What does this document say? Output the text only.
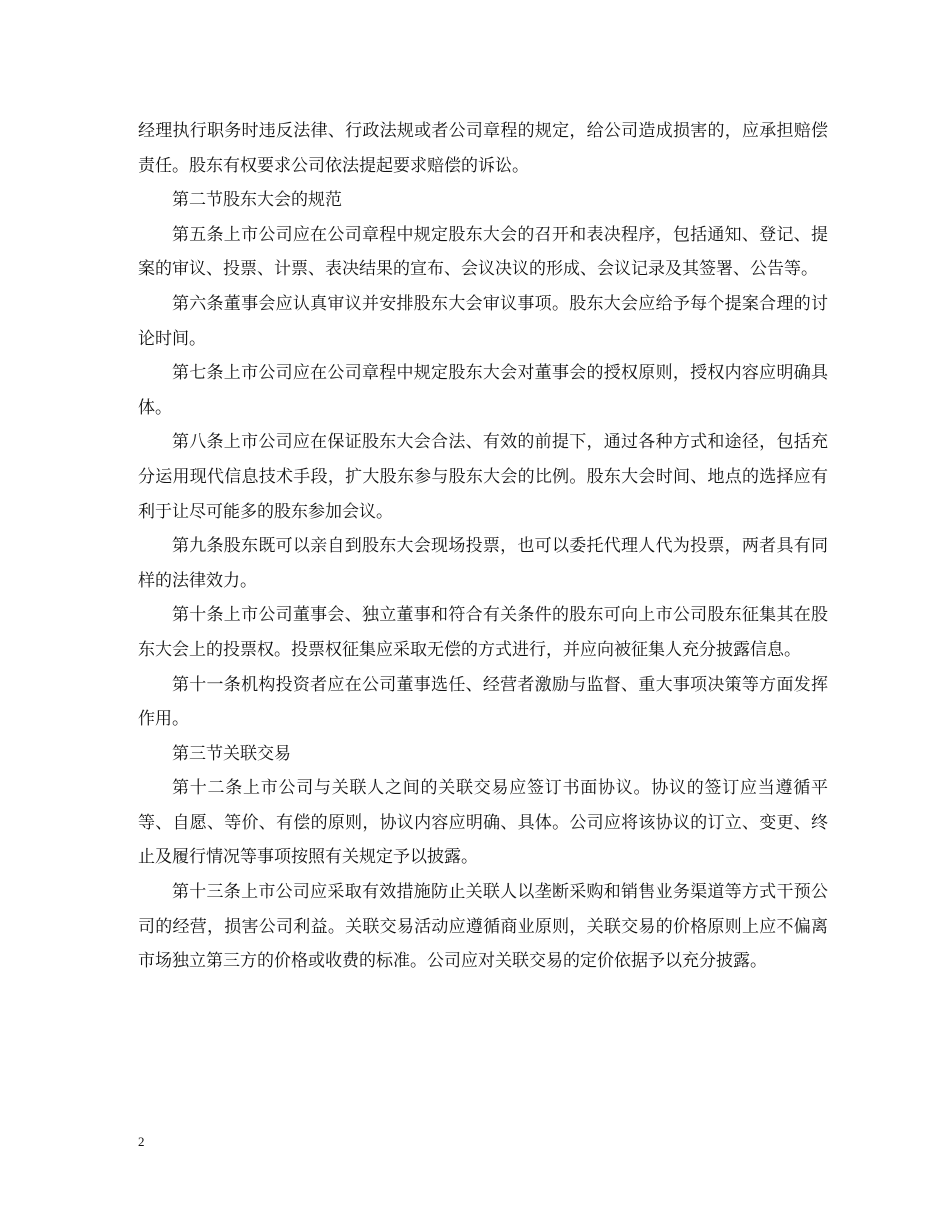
经理执行职务时违反法律、行政法规或者公司章程的规定，给公司造成损害的，应承担赔偿责任。股东有权要求公司依法提起要求赔偿的诉讼。

第二节股东大会的规范

第五条上市公司应在公司章程中规定股东大会的召开和表决程序，包括通知、登记、提案的审议、投票、计票、表决结果的宣布、会议决议的形成、会议记录及其签署、公告等。

第六条董事会应认真审议并安排股东大会审议事项。股东大会应给予每个提案合理的讨论时间。

第七条上市公司应在公司章程中规定股东大会对董事会的授权原则，授权内容应明确具体。

第八条上市公司应在保证股东大会合法、有效的前提下，通过各种方式和途径，包括充分运用现代信息技术手段，扩大股东参与股东大会的比例。股东大会时间、地点的选择应有利于让尽可能多的股东参加会议。

第九条股东既可以亲自到股东大会现场投票，也可以委托代理人代为投票，两者具有同样的法律效力。

第十条上市公司董事会、独立董事和符合有关条件的股东可向上市公司股东征集其在股东大会上的投票权。投票权征集应采取无偿的方式进行，并应向被征集人充分披露信息。

第十一条机构投资者应在公司董事选任、经营者激励与监督、重大事项决策等方面发挥作用。

第三节关联交易

第十二条上市公司与关联人之间的关联交易应签订书面协议。协议的签订应当遵循平等、自愿、等价、有偿的原则，协议内容应明确、具体。公司应将该协议的订立、变更、终止及履行情况等事项按照有关规定予以披露。

第十三条上市公司应采取有效措施防止关联人以垄断采购和销售业务渠道等方式干预公司的经营，损害公司利益。关联交易活动应遵循商业原则，关联交易的价格原则上应不偏离市场独立第三方的价格或收费的标准。公司应对关联交易的定价依据予以充分披露。

2
